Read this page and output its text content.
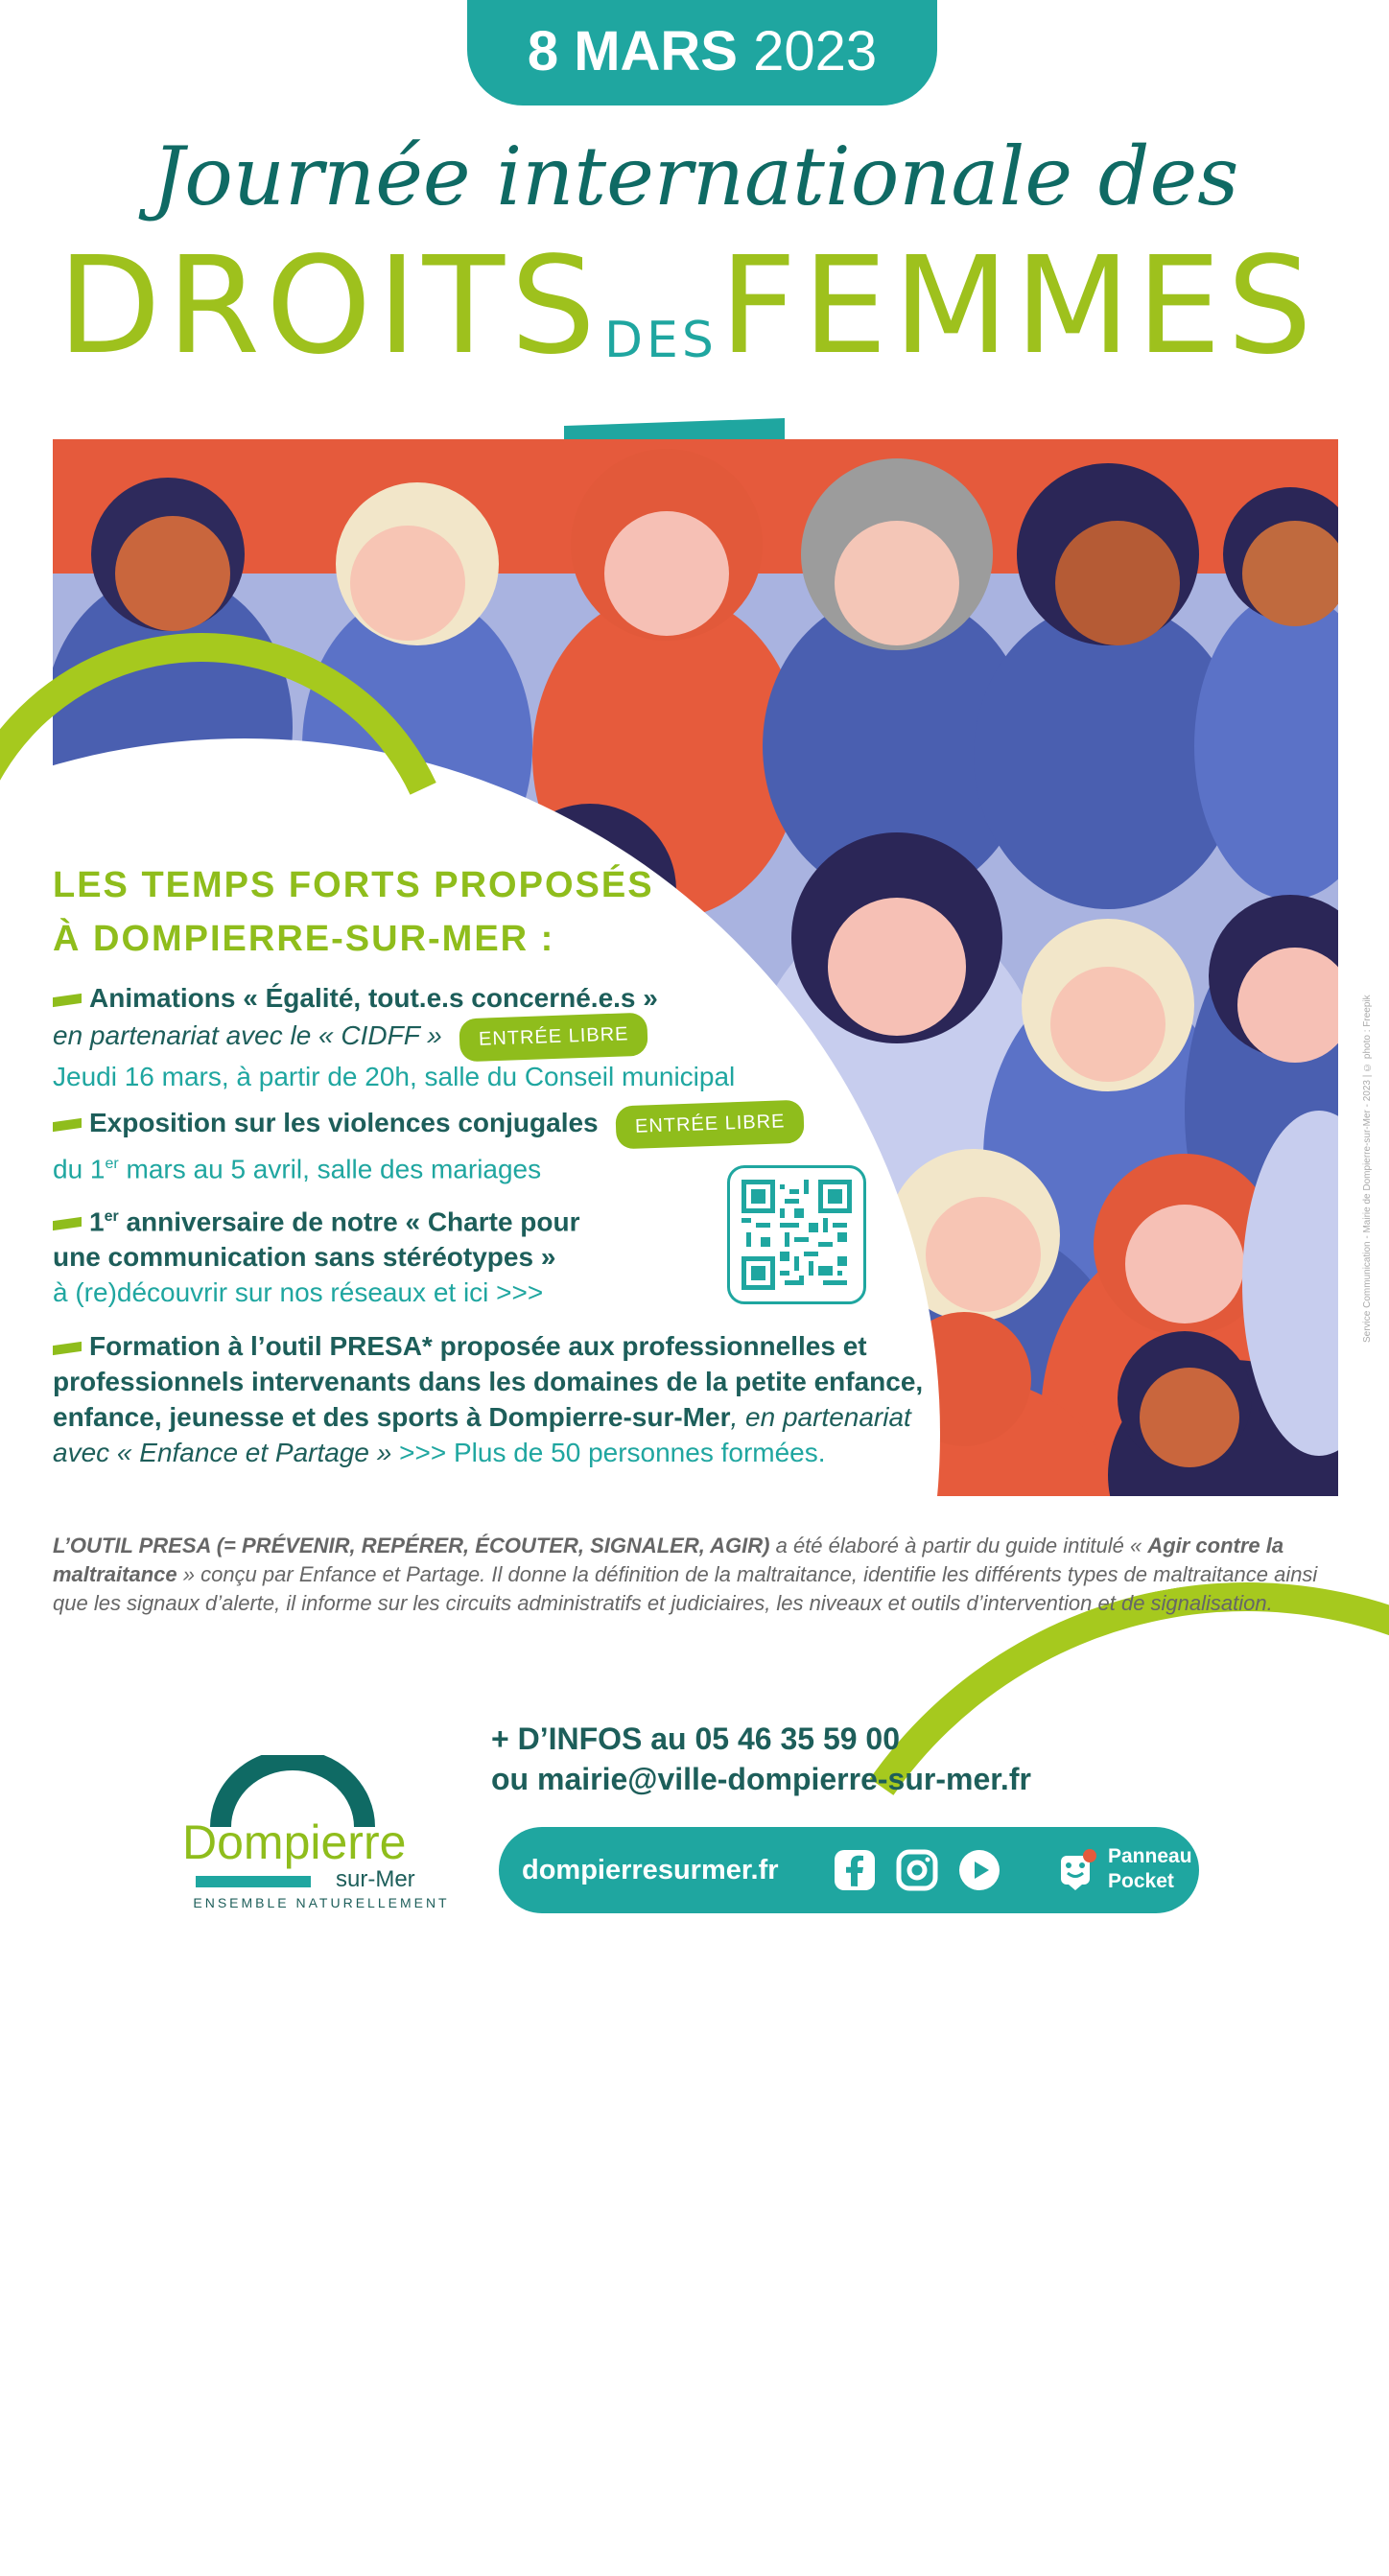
8 MARS 2023
Journée internationale des
DROITS DES FEMMES
LES TEMPS FORTS PROPOSÉS
À DOMPIERRE-SUR-MER :
Animations « Égalité, tout.e.s concerné.e.s »
en partenariat avec le « CIDFF » ENTRÉE LIBRE
Jeudi 16 mars, à partir de 20h, salle du Conseil municipal
Exposition sur les violences conjugales ENTRÉE LIBRE
du 1er mars au 5 avril, salle des mariages
1er anniversaire de notre « Charte pour
une communication sans stéréotypes »
à (re)découvrir sur nos réseaux et ici >>>
Formation à l’outil PRESA* proposée aux professionnelles et professionnels intervenants dans les domaines de la petite enfance, enfance, jeunesse et des sports à Dompierre-sur-Mer, en partenariat avec « Enfance et Partage » >>> Plus de 50 personnes formées.
L’OUTIL PRESA (= PRÉVENIR, REPÉRER, ÉCOUTER, SIGNALER, AGIR) a été élaboré à partir du guide intitulé « Agir contre la maltraitance » conçu par Enfance et Partage. Il donne la définition de la maltraitance, identifie les différents types de maltraitance ainsi que les signaux d’alerte, il informe sur les circuits administratifs et judiciaires, les niveaux et outils d’intervention et de signalisation.
+ D’INFOS au 05 46 35 59 00
ou mairie@ville-dompierre-sur-mer.fr
Dompierre
sur-Mer
ENSEMBLE NATURELLEMENT
dompierresurmer.fr	Panneau
Pocket
Service Communication - Mairie de Dompierre-sur-Mer - 2023 | © photo : Freepik
